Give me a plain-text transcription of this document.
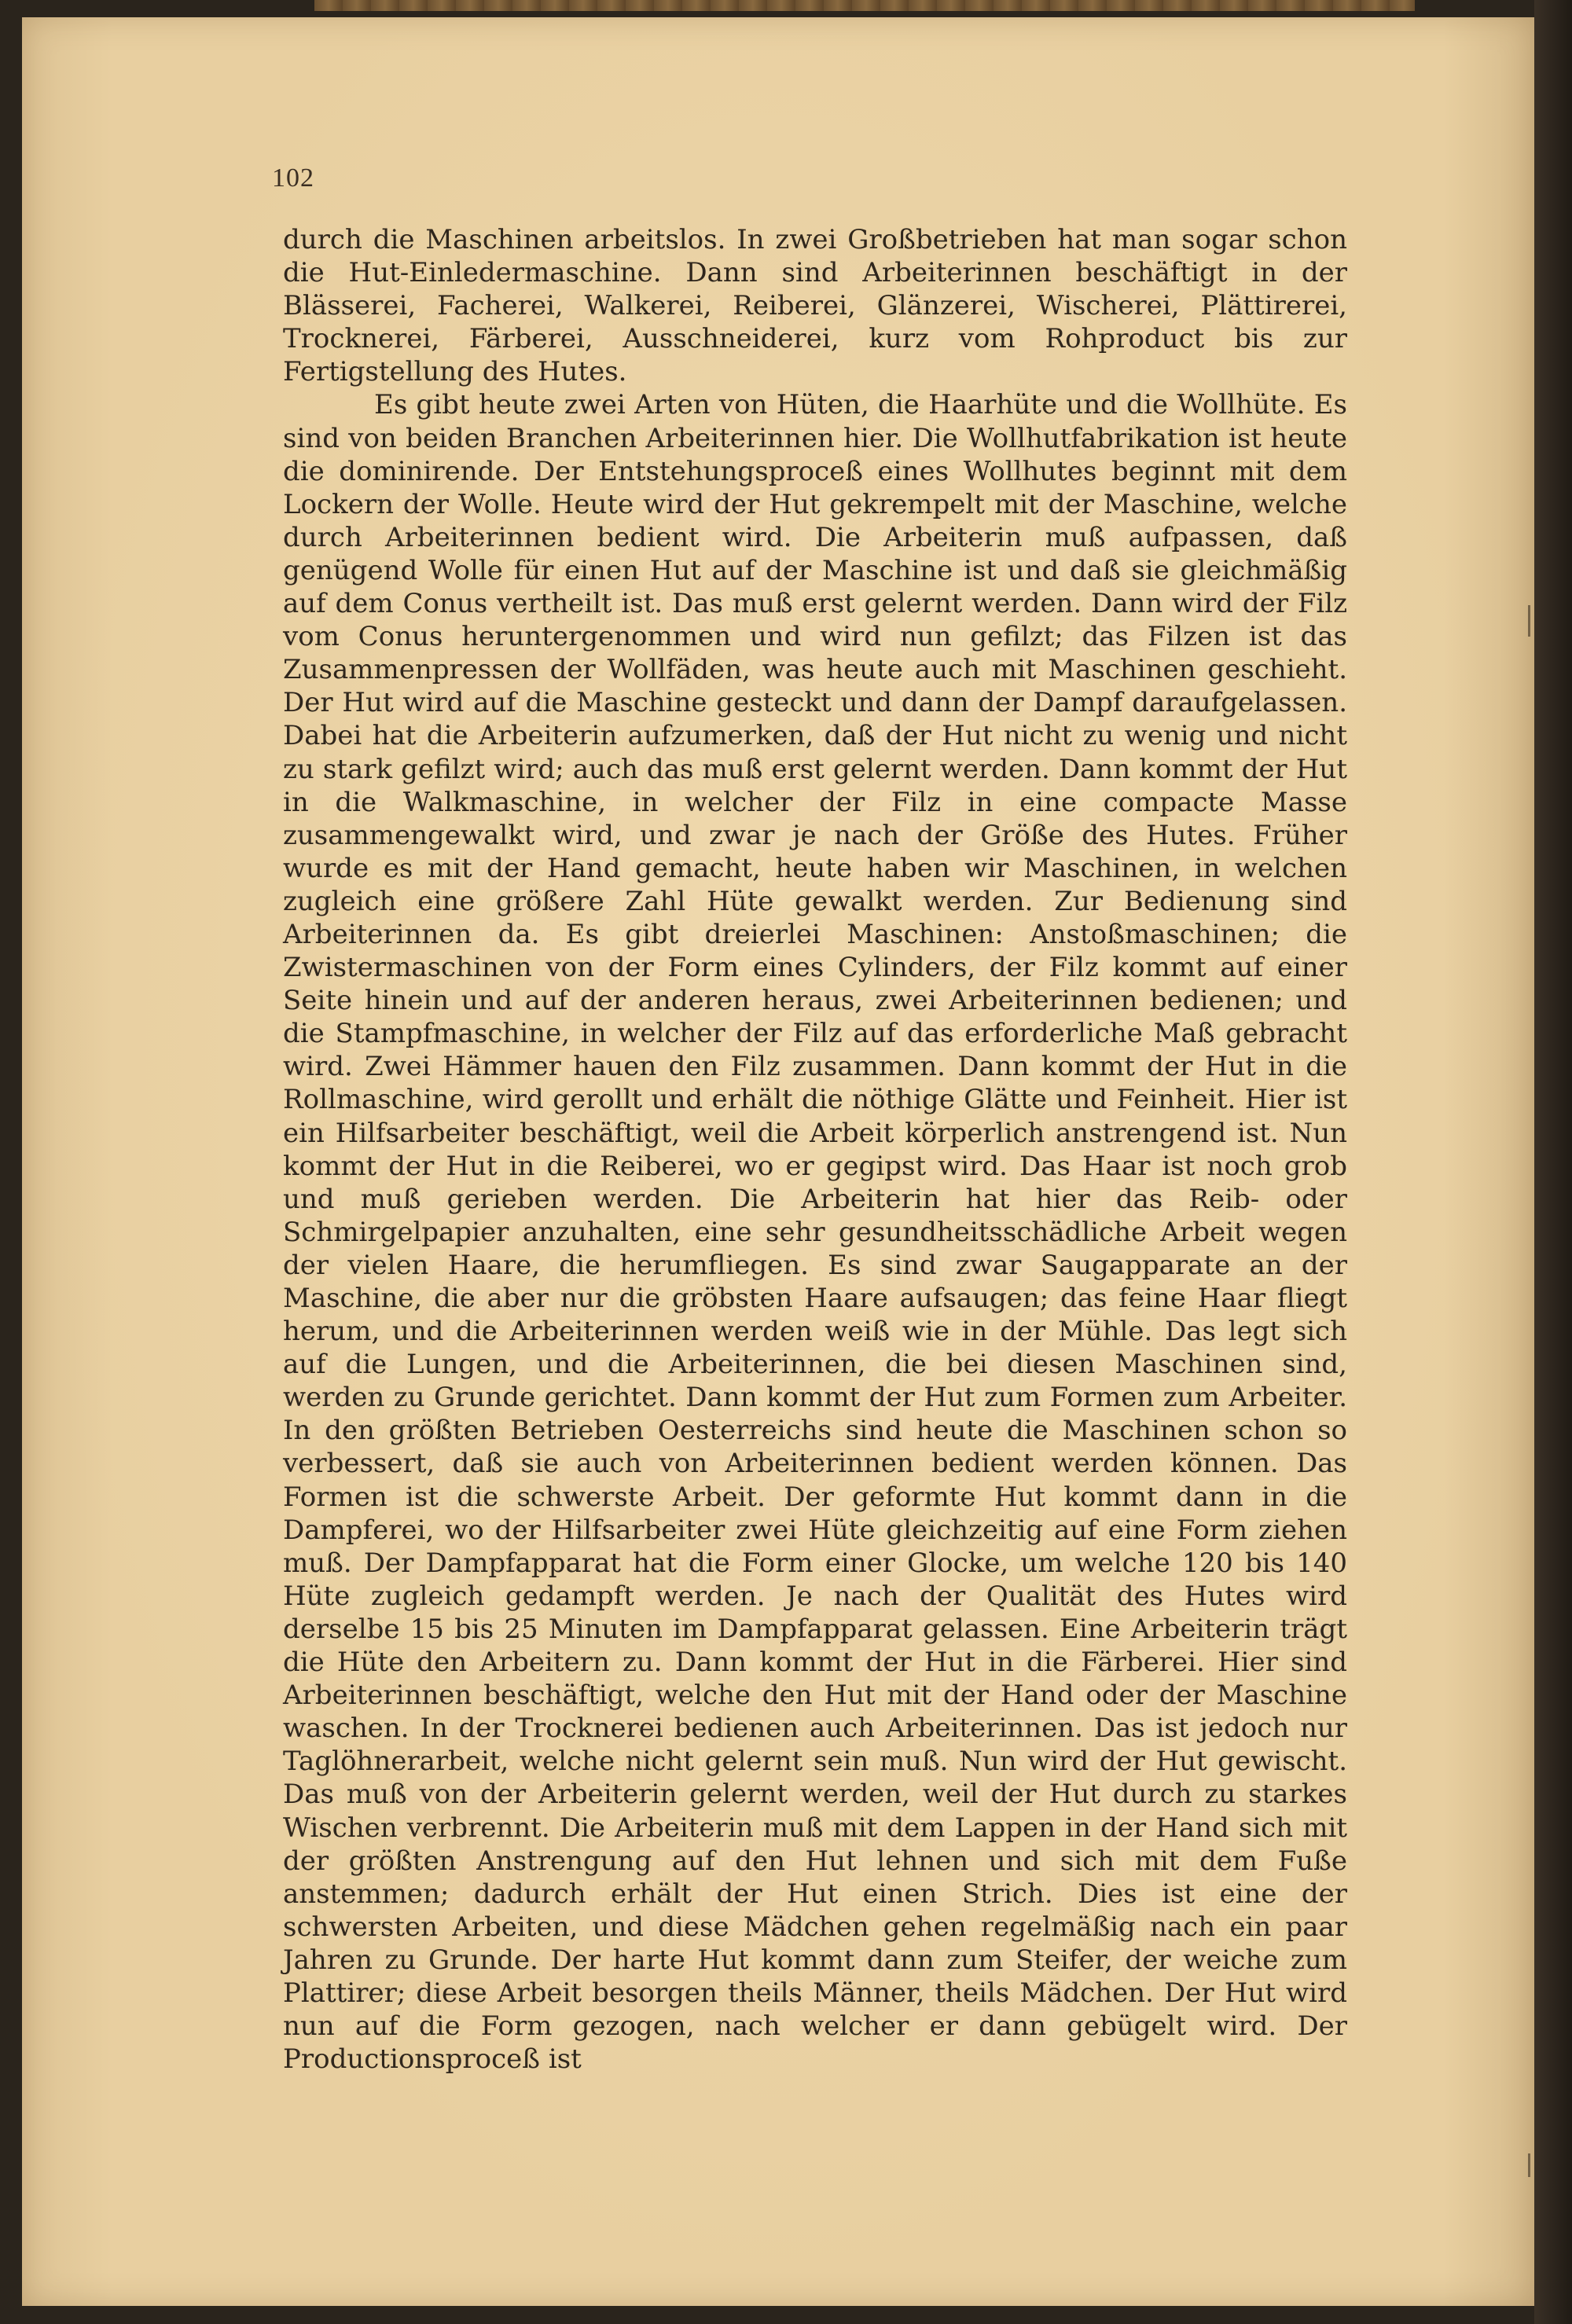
102

durch die Maschinen arbeitslos. In zwei Großbetrieben hat man sogar schon die Hut-Einledermaschine. Dann sind Arbeiterinnen beschäftigt in der Blässerei, Facherei, Walkerei, Reiberei, Glänzerei, Wischerei, Plättirerei, Trocknerei, Färberei, Ausschneiderei, kurz vom Rohproduct bis zur Fertigstellung des Hutes.

Es gibt heute zwei Arten von Hüten, die Haarhüte und die Wollhüte. Es sind von beiden Branchen Arbeiterinnen hier. Die Wollhutfabrikation ist heute die dominirende. Der Entstehungsproceß eines Wollhutes beginnt mit dem Lockern der Wolle. Heute wird der Hut gekrempelt mit der Maschine, welche durch Arbeiterinnen bedient wird. Die Arbeiterin muß aufpassen, daß genügend Wolle für einen Hut auf der Maschine ist und daß sie gleichmäßig auf dem Conus vertheilt ist. Das muß erst gelernt werden. Dann wird der Filz vom Conus heruntergenommen und wird nun gefilzt; das Filzen ist das Zusammenpressen der Wollfäden, was heute auch mit Maschinen geschieht. Der Hut wird auf die Maschine gesteckt und dann der Dampf daraufgelassen. Dabei hat die Arbeiterin aufzumerken, daß der Hut nicht zu wenig und nicht zu stark gefilzt wird; auch das muß erst gelernt werden. Dann kommt der Hut in die Walkmaschine, in welcher der Filz in eine compacte Masse zusammengewalkt wird, und zwar je nach der Größe des Hutes. Früher wurde es mit der Hand gemacht, heute haben wir Maschinen, in welchen zugleich eine größere Zahl Hüte gewalkt werden. Zur Bedienung sind Arbeiterinnen da. Es gibt dreierlei Maschinen: Anstoßmaschinen; die Zwistermaschinen von der Form eines Cylinders, der Filz kommt auf einer Seite hinein und auf der anderen heraus, zwei Arbeiterinnen bedienen; und die Stampfmaschine, in welcher der Filz auf das erforderliche Maß gebracht wird. Zwei Hämmer hauen den Filz zusammen. Dann kommt der Hut in die Rollmaschine, wird gerollt und erhält die nöthige Glätte und Feinheit. Hier ist ein Hilfsarbeiter beschäftigt, weil die Arbeit körperlich anstrengend ist. Nun kommt der Hut in die Reiberei, wo er gegipst wird. Das Haar ist noch grob und muß gerieben werden. Die Arbeiterin hat hier das Reib- oder Schmirgelpapier anzuhalten, eine sehr gesundheitsschädliche Arbeit wegen der vielen Haare, die herumfliegen. Es sind zwar Saugapparate an der Maschine, die aber nur die gröbsten Haare aufsaugen; das feine Haar fliegt herum, und die Arbeiterinnen werden weiß wie in der Mühle. Das legt sich auf die Lungen, und die Arbeiterinnen, die bei diesen Maschinen sind, werden zu Grunde gerichtet. Dann kommt der Hut zum Formen zum Arbeiter. In den größten Betrieben Oesterreichs sind heute die Maschinen schon so verbessert, daß sie auch von Arbeiterinnen bedient werden können. Das Formen ist die schwerste Arbeit. Der geformte Hut kommt dann in die Dampferei, wo der Hilfsarbeiter zwei Hüte gleichzeitig auf eine Form ziehen muß. Der Dampfapparat hat die Form einer Glocke, um welche 120 bis 140 Hüte zugleich gedampft werden. Je nach der Qualität des Hutes wird derselbe 15 bis 25 Minuten im Dampfapparat gelassen. Eine Arbeiterin trägt die Hüte den Arbeitern zu. Dann kommt der Hut in die Färberei. Hier sind Arbeiterinnen beschäftigt, welche den Hut mit der Hand oder der Maschine waschen. In der Trocknerei bedienen auch Arbeiterinnen. Das ist jedoch nur Taglöhnerarbeit, welche nicht gelernt sein muß. Nun wird der Hut gewischt. Das muß von der Arbeiterin gelernt werden, weil der Hut durch zu starkes Wischen verbrennt. Die Arbeiterin muß mit dem Lappen in der Hand sich mit der größten Anstrengung auf den Hut lehnen und sich mit dem Fuße anstemmen; dadurch erhält der Hut einen Strich. Dies ist eine der schwersten Arbeiten, und diese Mädchen gehen regelmäßig nach ein paar Jahren zu Grunde. Der harte Hut kommt dann zum Steifer, der weiche zum Plattirer; diese Arbeit besorgen theils Männer, theils Mädchen. Der Hut wird nun auf die Form gezogen, nach welcher er dann gebügelt wird. Der Productionsproceß ist
